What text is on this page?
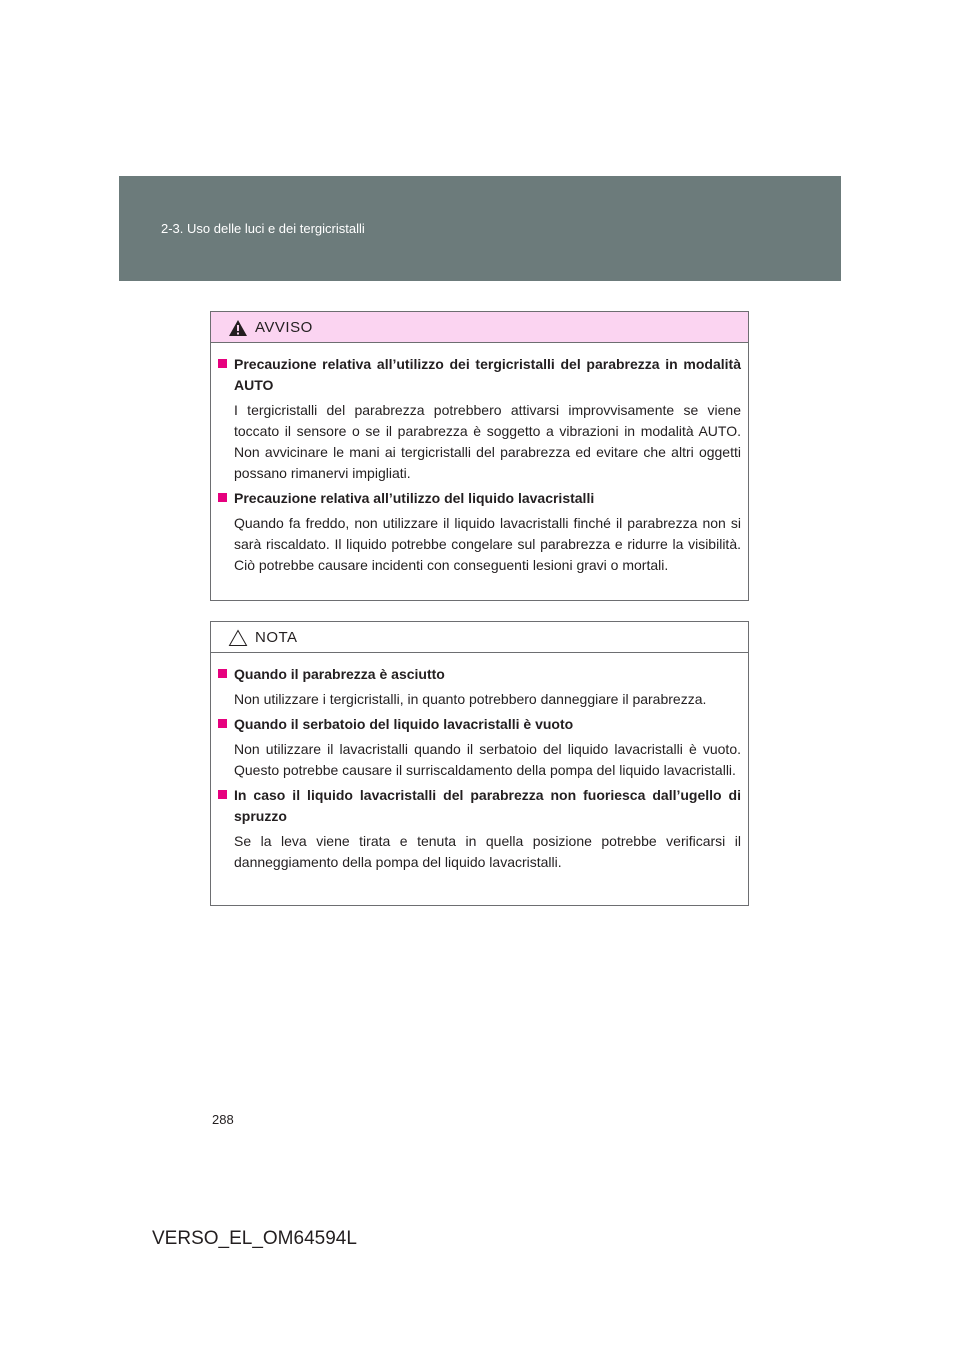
2-3. Uso delle luci e dei tergicristalli
AVVISO
Precauzione relativa all’utilizzo dei tergicristalli del parabrezza in modalità AUTO
I tergicristalli del parabrezza potrebbero attivarsi improvvisamente se viene toccato il sensore o se il parabrezza è soggetto a vibrazioni in modalità AUTO. Non avvicinare le mani ai tergicristalli del parabrezza ed evitare che altri oggetti possano rimanervi impigliati.
Precauzione relativa all’utilizzo del liquido lavacristalli
Quando fa freddo, non utilizzare il liquido lavacristalli finché il parabrezza non si sarà riscaldato. Il liquido potrebbe congelare sul parabrezza e ridurre la visibilità. Ciò potrebbe causare incidenti con conseguenti lesioni gravi o mortali.
NOTA
Quando il parabrezza è asciutto
Non utilizzare i tergicristalli, in quanto potrebbero danneggiare il parabrezza.
Quando il serbatoio del liquido lavacristalli è vuoto
Non utilizzare il lavacristalli quando il serbatoio del liquido lavacristalli è vuoto. Questo potrebbe causare il surriscaldamento della pompa del liquido lavacristalli.
In caso il liquido lavacristalli del parabrezza non fuoriesca dall’ugello di spruzzo
Se la leva viene tirata e tenuta in quella posizione potrebbe verificarsi il danneggiamento della pompa del liquido lavacristalli.
288
VERSO_EL_OM64594L
